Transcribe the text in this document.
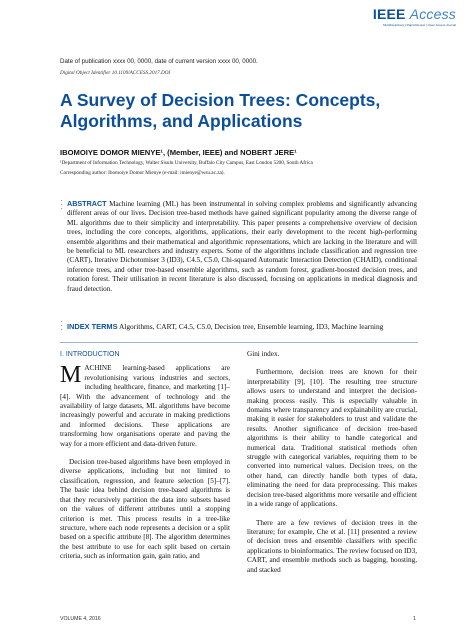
IEEE Access
Multidisciplinary | Rapid Review | Open Access Journal
Date of publication xxxx 00, 0000, date of current version xxxx 00, 0000.
Digital Object Identifier 10.1109/ACCESS.2017.DOI
A Survey of Decision Trees: Concepts, Algorithms, and Applications
IBOMOIYE DOMOR MIENYE¹, (Member, IEEE) and NOBERT JERE¹
¹Department of Information Technology, Walter Sisulu University, Buffalo City Campus, East London 5200, South Africa
Corresponding author: Ibomoiye Domor Mienye (e-mail: imienye@wsu.ac.za).
•
•
•
ABSTRACT Machine learning (ML) has been instrumental in solving complex problems and significantly advancing different areas of our lives. Decision tree-based methods have gained significant popularity among the diverse range of ML algorithms due to their simplicity and interpretability. This paper presents a comprehensive overview of decision trees, including the core concepts, algorithms, applications, their early development to the recent high-performing ensemble algorithms and their mathematical and algorithmic representations, which are lacking in the literature and will be beneficial to ML researchers and industry experts. Some of the algorithms include classification and regression tree (CART), Iterative Dichotomiser 3 (ID3), C4.5, C5.0, Chi-squared Automatic Interaction Detection (CHAID), conditional inference trees, and other tree-based ensemble algorithms, such as random forest, gradient-boosted decision trees, and rotation forest. Their utilisation in recent literature is also discussed, focusing on applications in medical diagnosis and fraud detection.
•
•
• INDEX TERMS Algorithms, CART, C4.5, C5.0, Decision tree, Ensemble learning, ID3, Machine learning
I. INTRODUCTION

MACHINE learning-based applications are revolutionising various industries and sectors, including healthcare, finance, and marketing [1]–[4]. With the advancement of technology and the availability of large datasets, ML algorithms have become increasingly powerful and accurate in making predictions and informed decisions. These applications are transforming how organisations operate and paving the way for a more efficient and data-driven future.

Decision tree-based algorithms have been employed in diverse applications, including but not limited to classification, regression, and feature selection [5]–[7]. The basic idea behind decision tree-based algorithms is that they recursively partition the data into subsets based on the values of different attributes until a stopping criterion is met. This process results in a tree-like structure, where each node represents a decision or a split based on a specific attribute [8]. The algorithm determines the best attribute to use for each split based on certain criteria, such as information gain, gain ratio, and

Gini index.

Furthermore, decision trees are known for their interpretability [9], [10]. The resulting tree structure allows users to understand and interpret the decision-making process easily. This is especially valuable in domains where transparency and explainability are crucial, making it easier for stakeholders to trust and validate the results. Another significance of decision tree-based algorithms is their ability to handle categorical and numerical data. Traditional statistical methods often struggle with categorical variables, requiring them to be converted into numerical values. Decision trees, on the other hand, can directly handle both types of data, eliminating the need for data preprocessing. This makes decision tree-based algorithms more versatile and efficient in a wide range of applications.

There are a few reviews of decision trees in the literature; for example, Che et al. [11] presented a review of decision trees and ensemble classifiers with specific applications to bioinformatics. The review focused on ID3, CART, and ensemble methods such as bagging, boosting, and stacked

VOLUME 4, 2016	1
